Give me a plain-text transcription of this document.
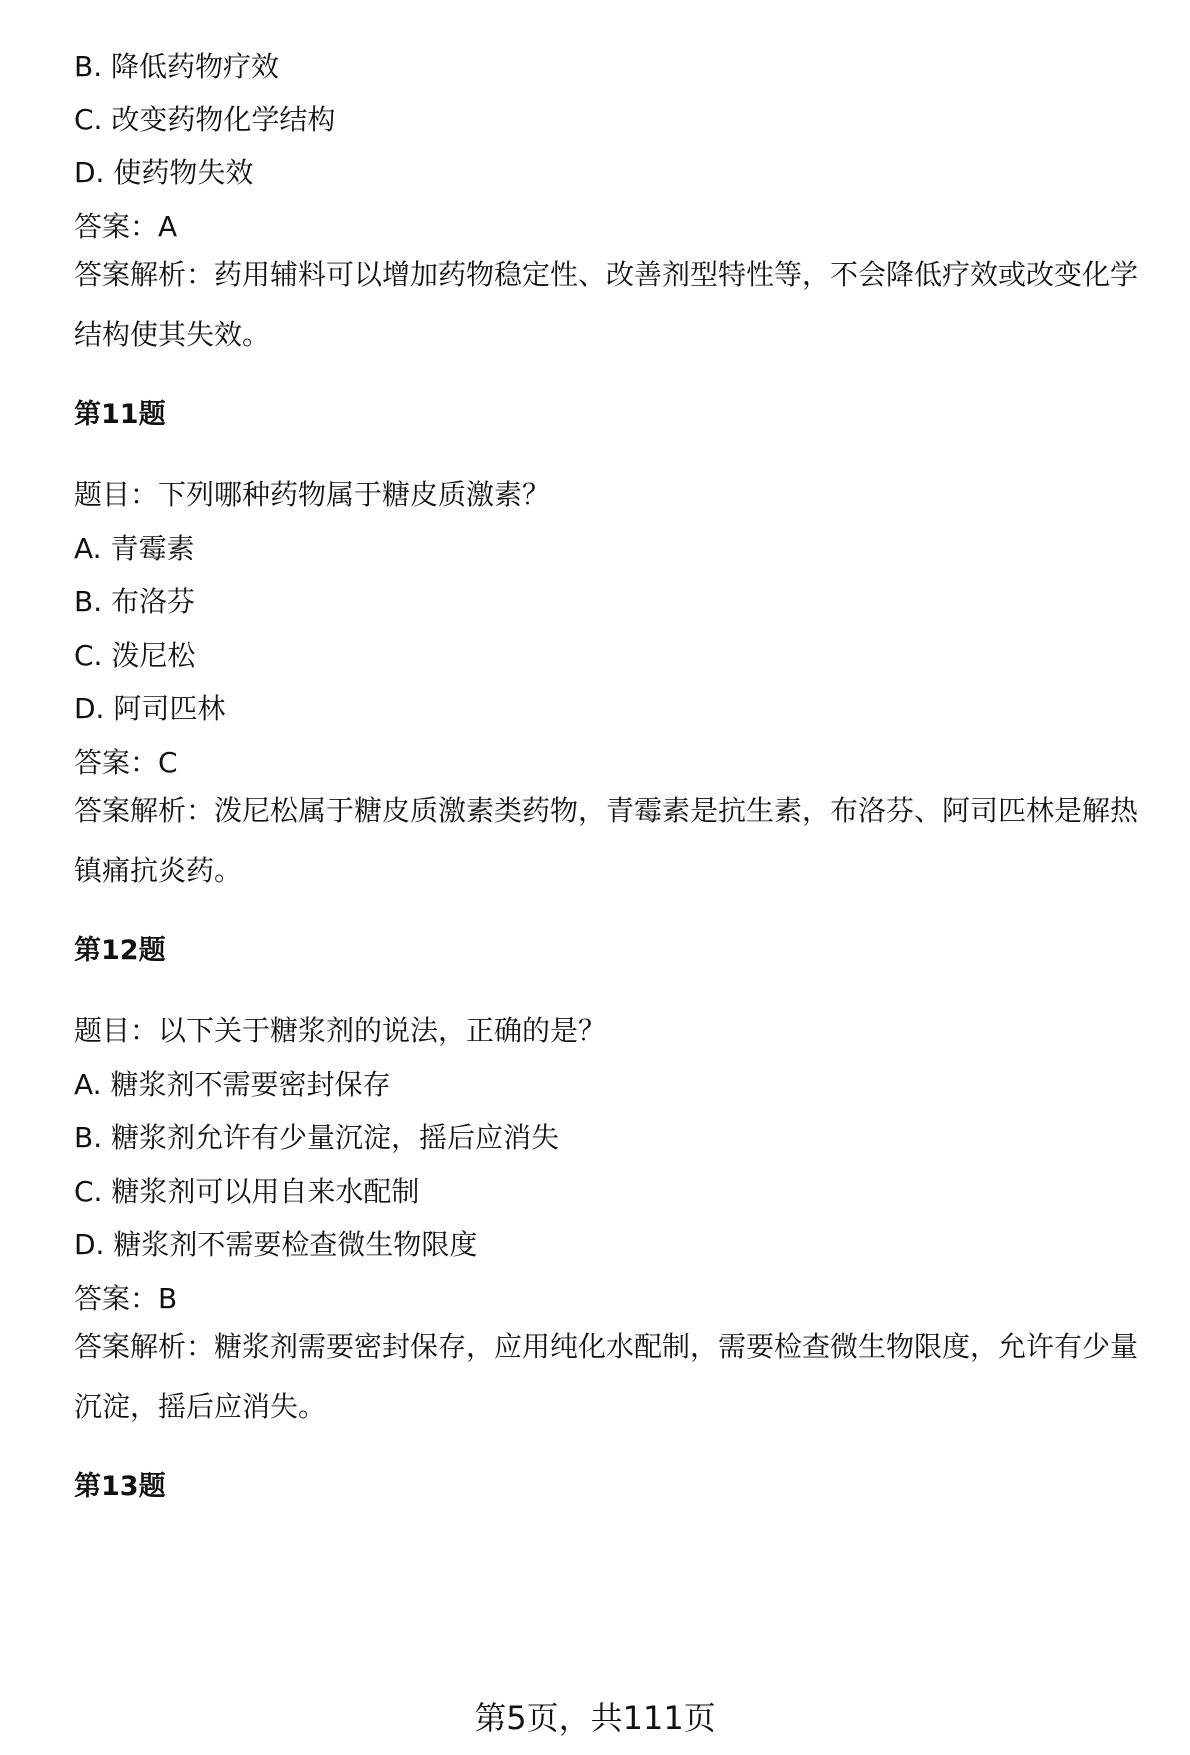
B. 降低药物疗效
C. 改变药物化学结构
D. 使药物失效
答案：A
答案解析：药用辅料可以增加药物稳定性、改善剂型特性等，不会降低疗效或改变化学结构使其失效。
第11题
题目：下列哪种药物属于糖皮质激素？
A. 青霉素
B. 布洛芬
C. 泼尼松
D. 阿司匹林
答案：C
答案解析：泼尼松属于糖皮质激素类药物，青霉素是抗生素，布洛芬、阿司匹林是解热镇痛抗炎药。
第12题
题目：以下关于糖浆剂的说法，正确的是？
A. 糖浆剂不需要密封保存
B. 糖浆剂允许有少量沉淀，摇后应消失
C. 糖浆剂可以用自来水配制
D. 糖浆剂不需要检查微生物限度
答案：B
答案解析：糖浆剂需要密封保存，应用纯化水配制，需要检查微生物限度，允许有少量沉淀，摇后应消失。
第13题
第5页，共111页
